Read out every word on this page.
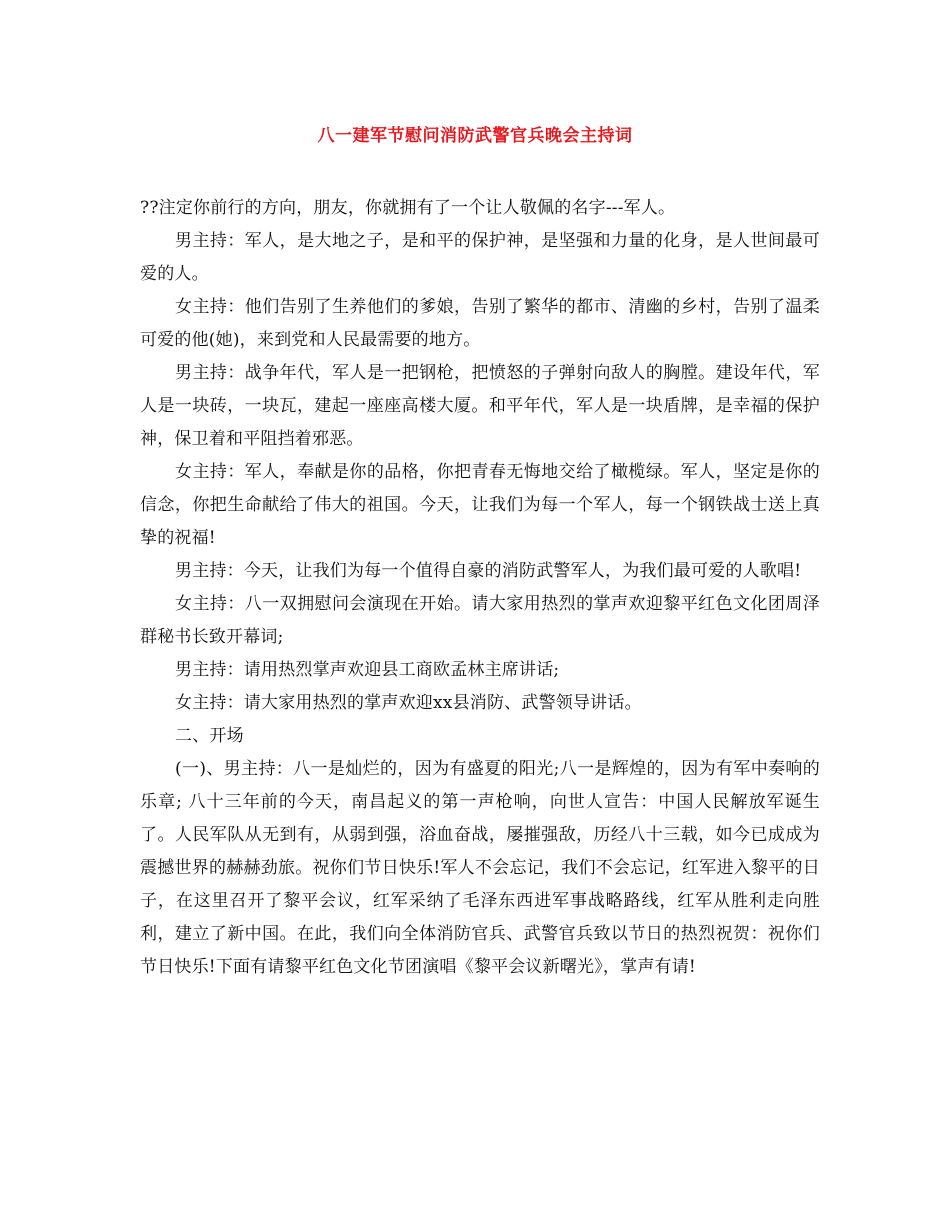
八一建军节慰问消防武警官兵晚会主持词

??注定你前行的方向，朋友，你就拥有了一个让人敬佩的名字---军人。

男主持：军人，是大地之子，是和平的保护神，是坚强和力量的化身，是人世间最可爱的人。

女主持：他们告别了生养他们的爹娘，告别了繁华的都市、清幽的乡村，告别了温柔可爱的他(她)，来到党和人民最需要的地方。

男主持：战争年代，军人是一把钢枪，把愤怒的子弹射向敌人的胸膛。建设年代，军人是一块砖，一块瓦，建起一座座高楼大厦。和平年代，军人是一块盾牌，是幸福的保护神，保卫着和平阻挡着邪恶。

女主持：军人，奉献是你的品格，你把青春无悔地交给了橄榄绿。军人，坚定是你的信念，你把生命献给了伟大的祖国。今天，让我们为每一个军人，每一个钢铁战士送上真挚的祝福!

男主持：今天，让我们为每一个值得自豪的消防武警军人，为我们最可爱的人歌唱!

女主持：八一双拥慰问会演现在开始。请大家用热烈的掌声欢迎黎平红色文化团周泽群秘书长致开幕词;

男主持：请用热烈掌声欢迎县工商欧孟林主席讲话;

女主持：请大家用热烈的掌声欢迎xx县消防、武警领导讲话。

二、开场

(一)、男主持：八一是灿烂的，因为有盛夏的阳光;八一是辉煌的，因为有军中奏响的乐章; 八十三年前的今天，南昌起义的第一声枪响，向世人宣告：中国人民解放军诞生了。人民军队从无到有，从弱到强，浴血奋战，屡摧强敌，历经八十三载，如今已成成为震撼世界的赫赫劲旅。祝你们节日快乐!军人不会忘记，我们不会忘记，红军进入黎平的日子，在这里召开了黎平会议，红军采纳了毛泽东西进军事战略路线，红军从胜利走向胜利，建立了新中国。在此，我们向全体消防官兵、武警官兵致以节日的热烈祝贺：祝你们节日快乐!下面有请黎平红色文化节团演唱《黎平会议新曙光》，掌声有请!
